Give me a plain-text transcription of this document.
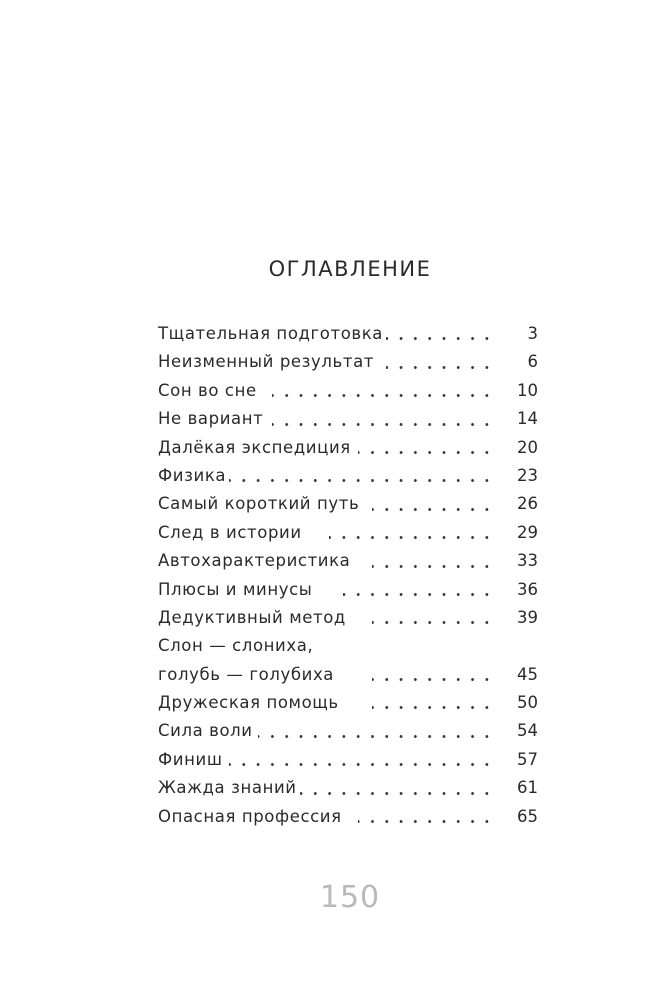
ОГЛАВЛЕНИЕ
Тщательная подготовка	3
Неизменный результат	6
Сон во сне	10
Не вариант	14
Далёкая экспедиция	20
Физика	23
Самый короткий путь	26
След в истории	29
Автохарактеристика	33
Плюсы и минусы	36
Дедуктивный метод	39
Слон — слониха,
голубь — голубиха	45
Дружеская помощь	50
Сила воли	54
Финиш	57
Жажда знаний	61
Опасная профессия	65
150
